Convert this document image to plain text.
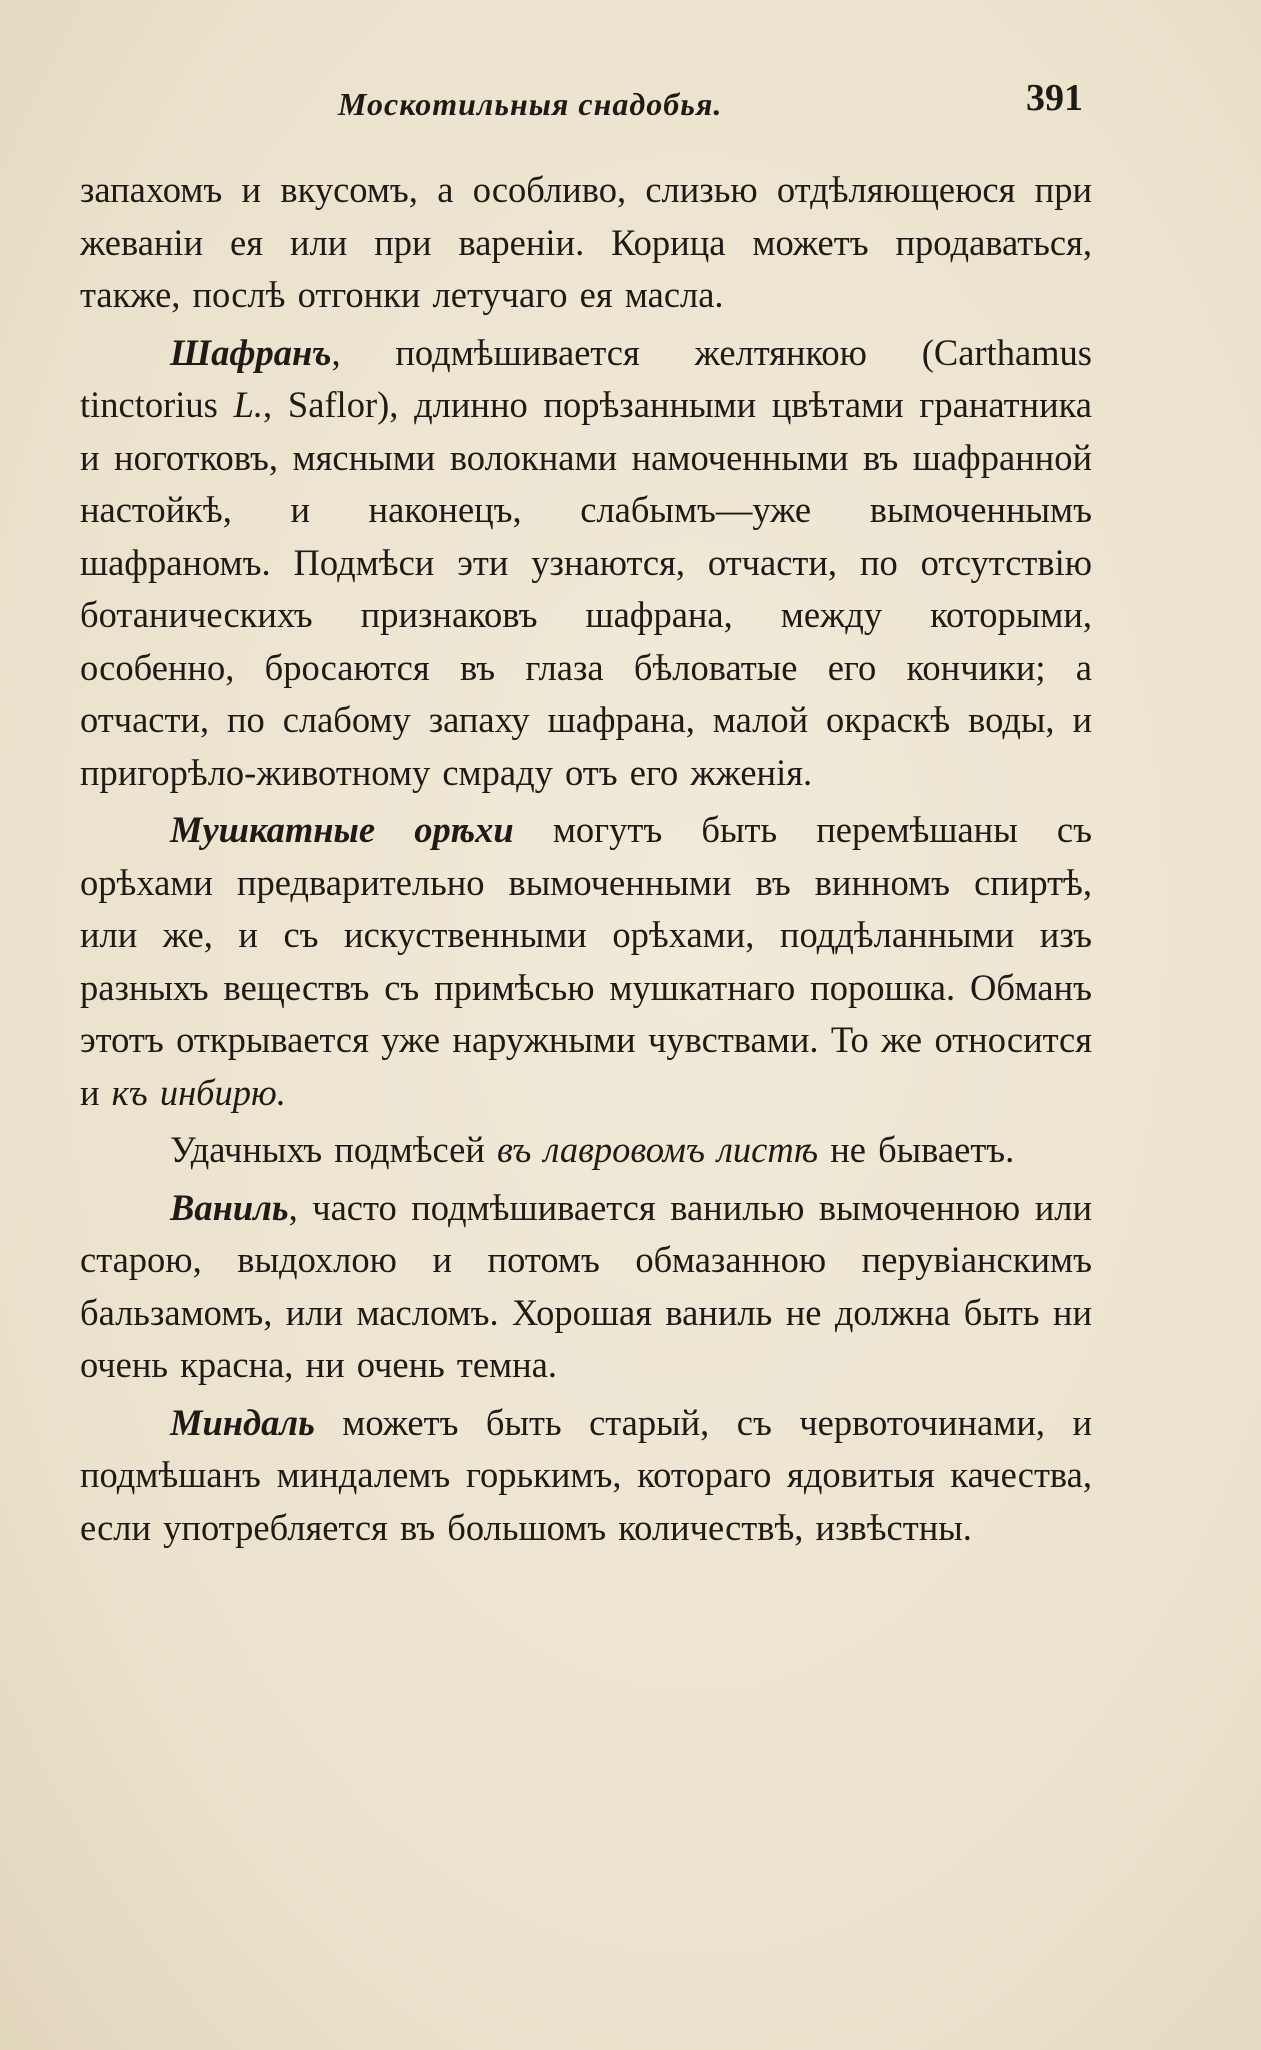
Москотильныя снадобья.	391

запахомъ и вкусомъ, а особливо, слизью отдѣляющеюся при жеванiи ея или при варенiи. Корица можетъ продаваться, также, послѣ отгонки летучаго ея масла.

Шафранъ, подмѣшивается желтянкою (Carthamus tinctorius L., Saflor), длинно порѣзанными цвѣтами гранатника и ноготковъ, мясными волокнами намоченными въ шафранной настойкѣ, и наконецъ, слабымъ—уже вымоченнымъ шафраномъ. Подмѣси эти узнаются, отчасти, по отсутствiю ботаническихъ признаковъ шафрана, между которыми, особенно, бросаются въ глаза бѣловатые его кончики; а отчасти, по слабому запаху шафрана, малой окраскѣ воды, и пригорѣло-животному смраду отъ его жженiя.

Мушкатные орѣхи могутъ быть перемѣшаны съ орѣхами предварительно вымоченными въ винномъ спиртѣ, или же, и съ искуственными орѣхами, поддѣланными изъ разныхъ веществъ съ примѣсью мушкатнаго порошка. Обманъ этотъ открывается уже наружными чувствами. То же относится и къ инбирю.

Удачныхъ подмѣсей въ лавровомъ листѣ не бываетъ.

Ваниль, часто подмѣшивается ванилью вымоченною или старою, выдохлою и потомъ обмазанною перувiанскимъ бальзамомъ, или масломъ. Хорошая ваниль не должна быть ни очень красна, ни очень темна.

Миндаль можетъ быть старый, съ червоточинами, и подмѣшанъ миндалемъ горькимъ, котораго ядовитыя качества, если употребляется въ большомъ количествѣ, извѣстны.
